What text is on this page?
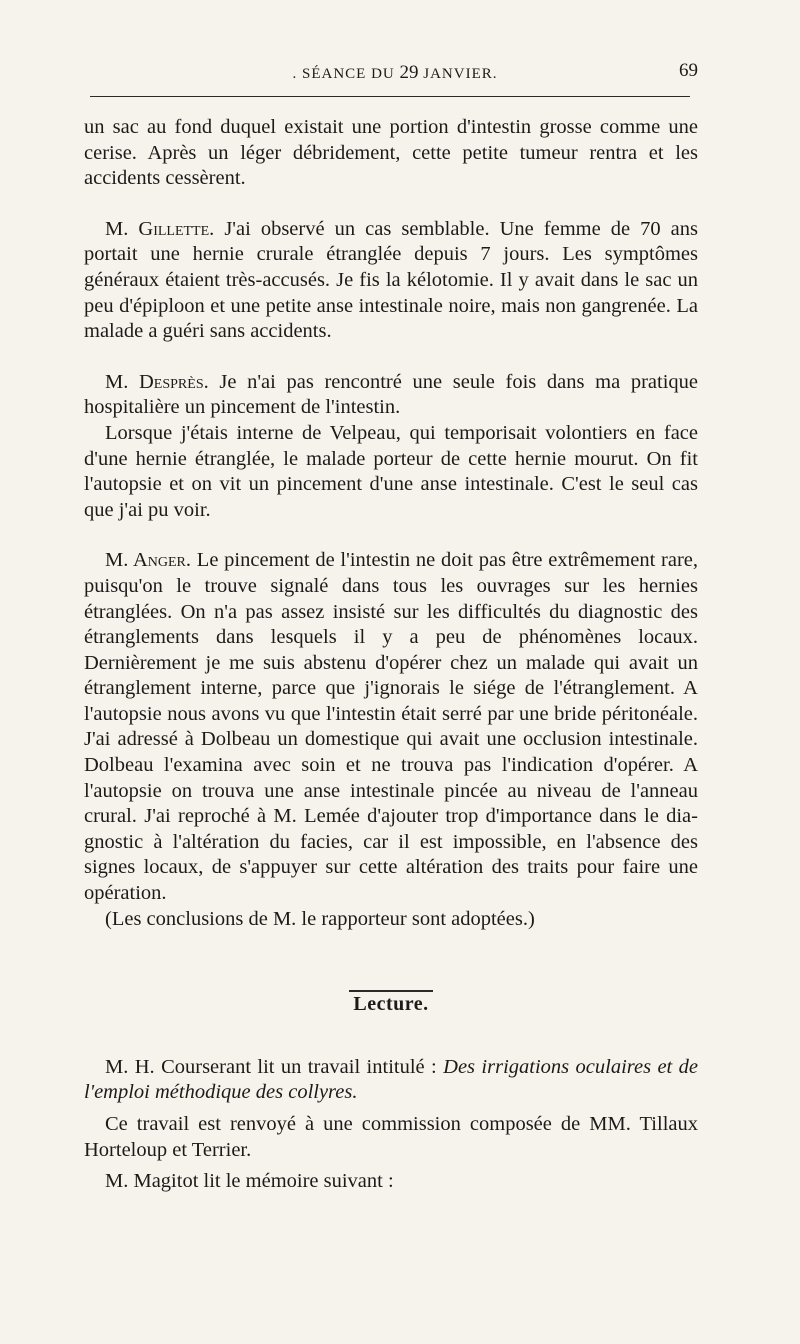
. SÉANCE DU 29 JANVIER.	69

un sac au fond duquel existait une portion d'intestin grosse comme une cerise. Après un léger débridement, cette petite tumeur rentra et les accidents cessèrent.

M. Gillette. J'ai observé un cas semblable. Une femme de 70 ans portait une hernie crurale étranglée depuis 7 jours. Les symptômes généraux étaient très-accusés. Je fis la kélotomie. Il y avait dans le sac un peu d'épiploon et une petite anse intestinale noire, mais non gangrenée. La malade a guéri sans accidents.

M. Desprès. Je n'ai pas rencontré une seule fois dans ma pratique hospitalière un pincement de l'intestin.

Lorsque j'étais interne de Velpeau, qui temporisait volontiers en face d'une hernie étranglée, le malade porteur de cette hernie mourut. On fit l'autopsie et on vit un pincement d'une anse intestinale. C'est le seul cas que j'ai pu voir.

M. Anger. Le pincement de l'intestin ne doit pas être extrêmement rare, puisqu'on le trouve signalé dans tous les ouvrages sur les hernies étranglées. On n'a pas assez insisté sur les difficultés du diagnostic des étranglements dans lesquels il y a peu de phénomènes locaux. Dernièrement je me suis abstenu d'opérer chez un malade qui avait un étranglement interne, parce que j'ignorais le siége de l'étranglement. A l'autopsie nous avons vu que l'intestin était serré par une bride péritonéale. J'ai adressé à Dolbeau un domestique qui avait une occlusion intestinale. Dolbeau l'examina avec soin et ne trouva pas l'indication d'opérer. A l'autopsie on trouva une anse intestinale pincée au niveau de l'anneau crural. J'ai reproché à M. Lemée d'ajouter trop d'importance dans le diagnostic à l'altération du facies, car il est impossible, en l'absence des signes locaux, de s'appuyer sur cette altération des traits pour faire une opération.

(Les conclusions de M. le rapporteur sont adoptées.)

Lecture.

M. H. Courserant lit un travail intitulé : Des irrigations oculaires et de l'emploi méthodique des collyres.

Ce travail est renvoyé à une commission composée de MM. Tillaux Horteloup et Terrier.

M. Magitot lit le mémoire suivant :
